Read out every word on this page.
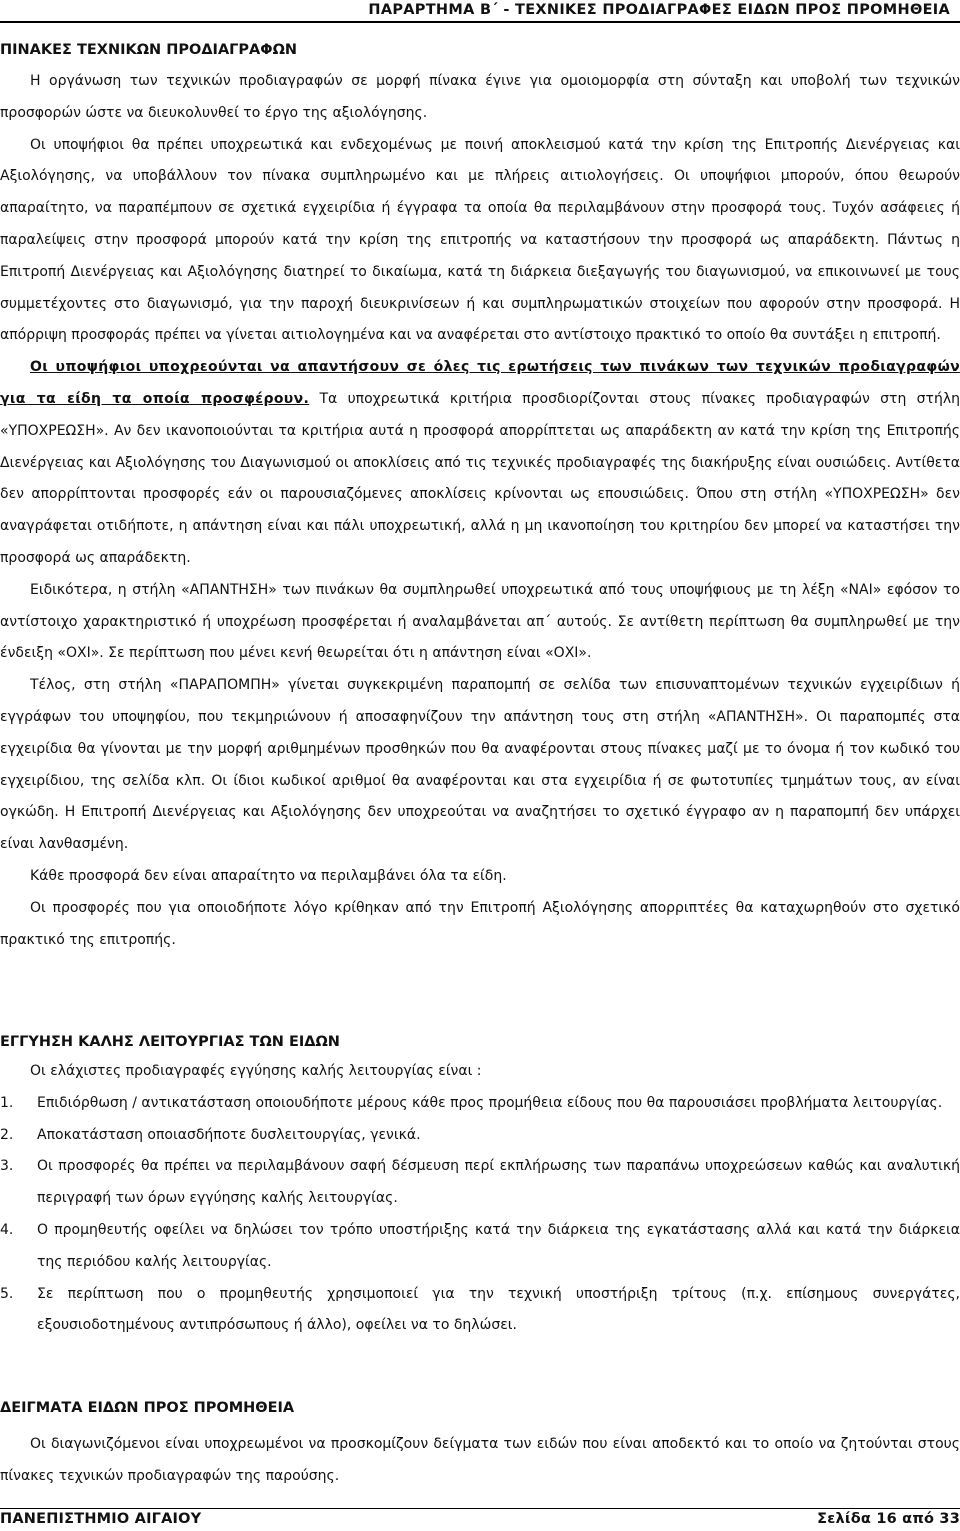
ΠΑΡΑΡΤΗΜΑ Β΄ - ΤΕΧΝΙΚΕΣ ΠΡΟΔΙΑΓΡΑΦΕΣ ΕΙΔΩΝ ΠΡΟΣ ΠΡΟΜΗΘΕΙΑ
ΠΙΝΑΚΕΣ ΤΕΧΝΙΚΩΝ ΠΡΟΔΙΑΓΡΑΦΩΝ

Η οργάνωση των τεχνικών προδιαγραφών σε μορφή πίνακα έγινε για ομοιομορφία στη σύνταξη και υποβολή των τεχνικών προσφορών ώστε να διευκολυνθεί το έργο της αξιολόγησης.

Οι υποψήφιοι θα πρέπει υποχρεωτικά και ενδεχομένως με ποινή αποκλεισμού κατά την κρίση της Επιτροπής Διενέργειας και Αξιολόγησης, να υποβάλλουν τον πίνακα συμπληρωμένο και με πλήρεις αιτιολογήσεις. Οι υποψήφιοι μπορούν, όπου θεωρούν απαραίτητο, να παραπέμπουν σε σχετικά εγχειρίδια ή έγγραφα τα οποία θα περιλαμβάνουν στην προσφορά τους. Τυχόν ασάφειες ή παραλείψεις στην προσφορά μπορούν κατά την κρίση της επιτροπής να καταστήσουν την προσφορά ως απαράδεκτη. Πάντως η Επιτροπή Διενέργειας και Αξιολόγησης διατηρεί το δικαίωμα, κατά τη διάρκεια διεξαγωγής του διαγωνισμού, να επικοινωνεί με τους συμμετέχοντες στο διαγωνισμό, για την παροχή διευκρινίσεων ή και συμπληρωματικών στοιχείων που αφορούν στην προσφορά. Η απόρριψη προσφοράς πρέπει να γίνεται αιτιολογημένα και να αναφέρεται στο αντίστοιχο πρακτικό το οποίο θα συντάξει η επιτροπή.

Οι υποψήφιοι υποχρεούνται να απαντήσουν σε όλες τις ερωτήσεις των πινάκων των τεχνικών προδιαγραφών για τα είδη τα οποία προσφέρουν. Τα υποχρεωτικά κριτήρια προσδιορίζονται στους πίνακες προδιαγραφών στη στήλη «ΥΠΟΧΡΕΩΣΗ». Αν δεν ικανοποιούνται τα κριτήρια αυτά η προσφορά απορρίπτεται ως απαράδεκτη αν κατά την κρίση της Επιτροπής Διενέργειας και Αξιολόγησης του Διαγωνισμού οι αποκλίσεις από τις τεχνικές προδιαγραφές της διακήρυξης είναι ουσιώδεις. Αντίθετα δεν απορρίπτονται προσφορές εάν οι παρουσιαζόμενες αποκλίσεις κρίνονται ως επουσιώδεις. Όπου στη στήλη «ΥΠΟΧΡΕΩΣΗ» δεν αναγράφεται οτιδήποτε, η απάντηση είναι και πάλι υποχρεωτική, αλλά η μη ικανοποίηση του κριτηρίου δεν μπορεί να καταστήσει την προσφορά ως απαράδεκτη.

Ειδικότερα, η στήλη «ΑΠΑΝΤΗΣΗ» των πινάκων θα συμπληρωθεί υποχρεωτικά από τους υποψήφιους με τη λέξη «ΝΑΙ» εφόσον το αντίστοιχο χαρακτηριστικό ή υποχρέωση προσφέρεται ή αναλαμβάνεται απ΄ αυτούς. Σε αντίθετη περίπτωση θα συμπληρωθεί με την ένδειξη «ΟΧΙ». Σε περίπτωση που μένει κενή θεωρείται ότι η απάντηση είναι «ΟΧΙ».

Τέλος, στη στήλη «ΠΑΡΑΠΟΜΠΗ» γίνεται συγκεκριμένη παραπομπή σε σελίδα των επισυναπτομένων τεχνικών εγχειρίδιων ή εγγράφων του υποψηφίου, που τεκμηριώνουν ή αποσαφηνίζουν την απάντηση τους στη στήλη «ΑΠΑΝΤΗΣΗ». Οι παραπομπές στα εγχειρίδια θα γίνονται με την μορφή αριθμημένων προσθηκών που θα αναφέρονται στους πίνακες μαζί με το όνομα ή τον κωδικό του εγχειρίδιου, της σελίδα κλπ. Οι ίδιοι κωδικοί αριθμοί θα αναφέρονται και στα εγχειρίδια ή σε φωτοτυπίες τμημάτων τους, αν είναι ογκώδη. Η Επιτροπή Διενέργειας και Αξιολόγησης δεν υποχρεούται να αναζητήσει το σχετικό έγγραφο αν η παραπομπή δεν υπάρχει είναι λανθασμένη.

Κάθε προσφορά δεν είναι απαραίτητο να περιλαμβάνει όλα τα είδη.

Οι προσφορές που για οποιοδήποτε λόγο κρίθηκαν από την Επιτροπή Αξιολόγησης απορριπτέες θα καταχωρηθούν στο σχετικό πρακτικό της επιτροπής.

ΕΓΓΥΗΣΗ ΚΑΛΗΣ ΛΕΙΤΟΥΡΓΙΑΣ ΤΩΝ ΕΙΔΩΝ

Οι ελάχιστες προδιαγραφές εγγύησης καλής λειτουργίας είναι :

1. Επιδιόρθωση / αντικατάσταση οποιουδήποτε μέρους κάθε προς προμήθεια είδους που θα παρουσιάσει προβλήματα λειτουργίας.

2. Αποκατάσταση οποιασδήποτε δυσλειτουργίας, γενικά.

3. Οι προσφορές θα πρέπει να περιλαμβάνουν σαφή δέσμευση περί εκπλήρωσης των παραπάνω υποχρεώσεων καθώς και αναλυτική περιγραφή των όρων εγγύησης καλής λειτουργίας.

4. Ο προμηθευτής οφείλει να δηλώσει τον τρόπο υποστήριξης κατά την διάρκεια της εγκατάστασης αλλά και κατά την διάρκεια της περιόδου καλής λειτουργίας.

5. Σε περίπτωση που ο προμηθευτής χρησιμοποιεί για την τεχνική υποστήριξη τρίτους (π.χ. επίσημους συνεργάτες, εξουσιοδοτημένους αντιπρόσωπους ή άλλο), οφείλει να το δηλώσει.

ΔΕΙΓΜΑΤΑ ΕΙΔΩΝ ΠΡΟΣ ΠΡΟΜΗΘΕΙΑ

Οι διαγωνιζόμενοι είναι υποχρεωμένοι να προσκομίζουν δείγματα των ειδών που είναι αποδεκτό και το οποίο να ζητούνται στους πίνακες τεχνικών προδιαγραφών της παρούσης.

ΠΑΝΕΠΙΣΤΗΜΙΟ ΑΙΓΑΙΟΥ	Σελίδα 16 από 33
